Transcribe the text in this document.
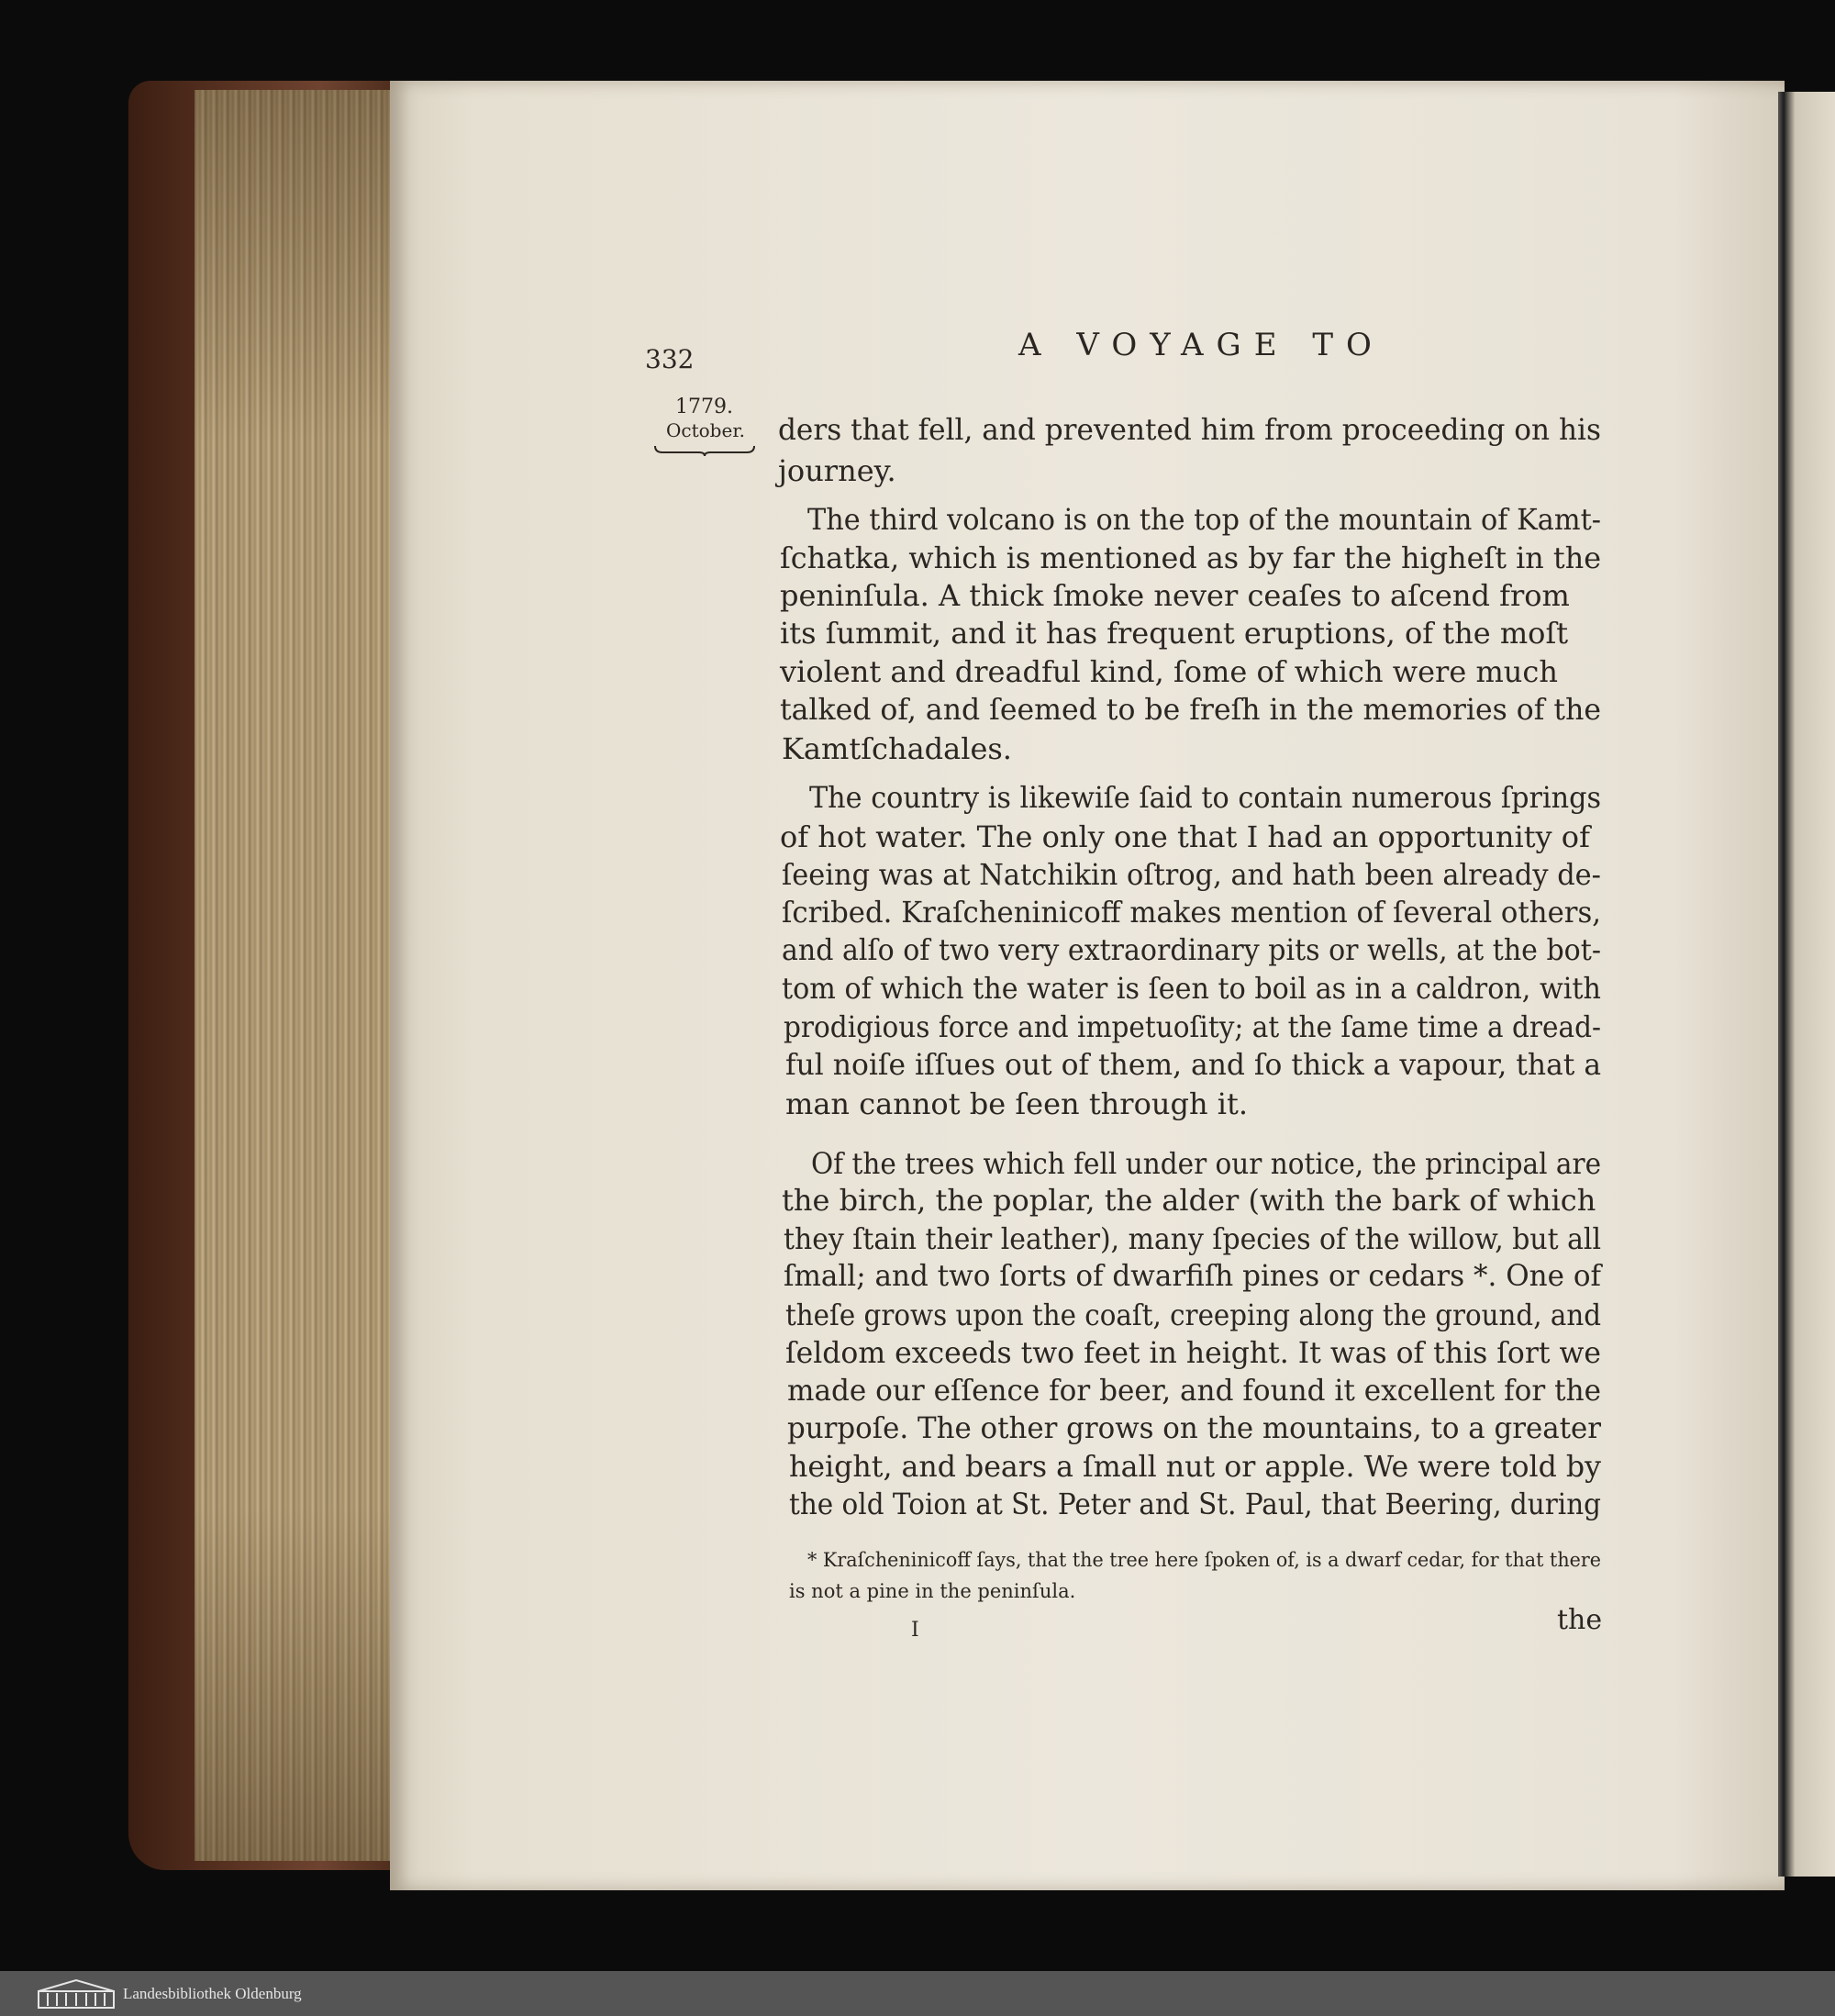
332	A VOYAGE TO
1779.
October. ders that fell, and prevented him from proceeding on his
journey.
The third volcano is on the top of the mountain of Kamt-
ſchatka, which is mentioned as by far the higheſt in the
peninſula. A thick ſmoke never ceaſes to aſcend from
its ſummit, and it has frequent eruptions, of the moſt
violent and dreadful kind, ſome of which were much
talked of, and ſeemed to be freſh in the memories of the
Kamtſchadales.
The country is likewiſe ſaid to contain numerous ſprings
of hot water. The only one that I had an opportunity of
ſeeing was at Natchikin oſtrog, and hath been already de-
ſcribed. Kraſcheninicoff makes mention of ſeveral others,
and alſo of two very extraordinary pits or wells, at the bot-
tom of which the water is ſeen to boil as in a caldron, with
prodigious force and impetuoſity; at the ſame time a dread-
ful noiſe iſſues out of them, and ſo thick a vapour, that a
man cannot be ſeen through it.
Of the trees which fell under our notice, the principal are
the birch, the poplar, the alder (with the bark of which
they ſtain their leather), many ſpecies of the willow, but all
ſmall; and two ſorts of dwarfiſh pines or cedars *. One of
theſe grows upon the coaſt, creeping along the ground, and
ſeldom exceeds two feet in height. It was of this ſort we
made our eſſence for beer, and found it excellent for the
purpoſe. The other grows on the mountains, to a greater
height, and bears a ſmall nut or apple. We were told by
the old Toion at St. Peter and St. Paul, that Beering, during
* Kraſcheninicoff ſays, that the tree here ſpoken of, is a dwarf cedar, for that there
is not a pine in the peninſula.
I	the
Landesbibliothek Oldenburg
